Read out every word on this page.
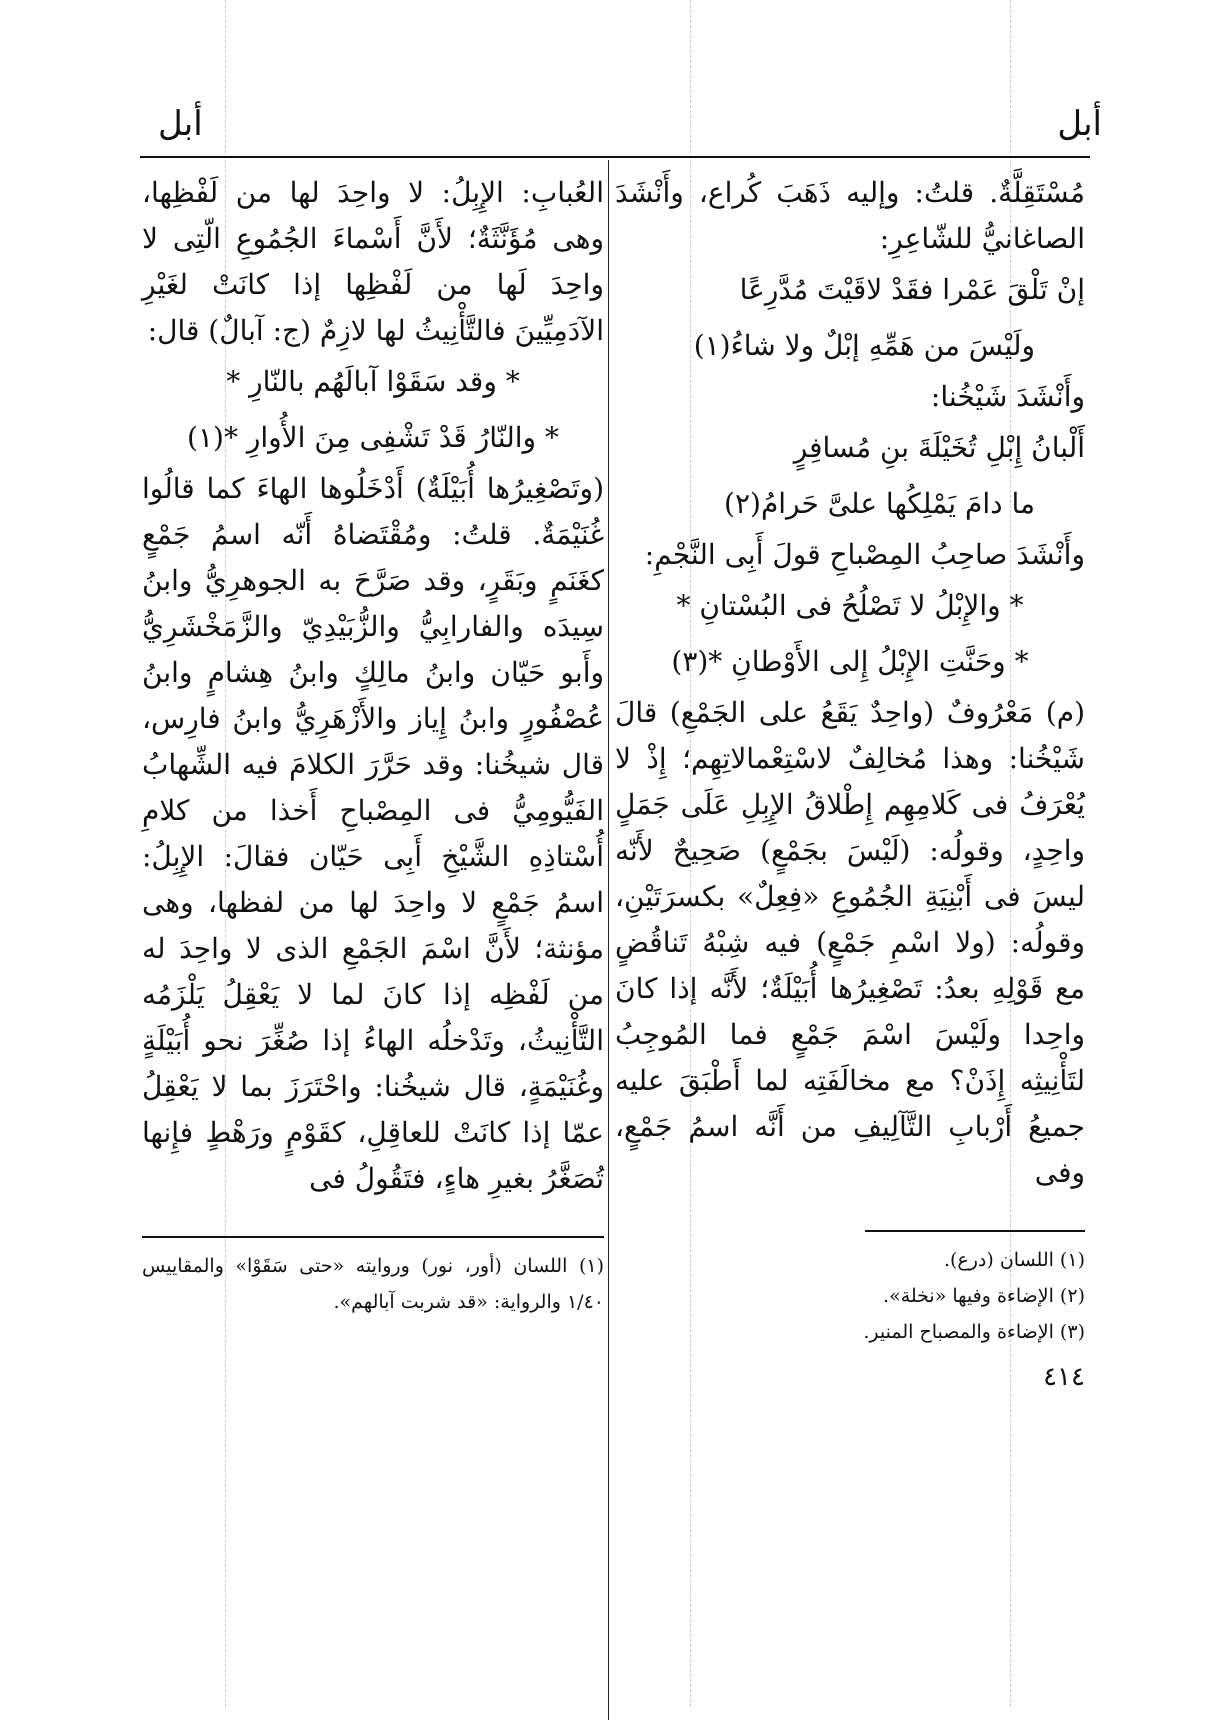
أبل
أبل

مُسْتَقِلَّةٌ. قلتُ: وإليه ذَهَبَ كُراع، وأَنْشَدَ الصاغانيُّ للشّاعِرِ:

إنْ تَلْقَ عَمْرا فقَدْ لاقَيْتَ مُدَّرِعًا

ولَيْسَ من هَمِّهِ إبْلٌ ولا شاءُ(١)

وأَنْشَدَ شَيْخُنا:

أَلْبانُ إِبْلِ تُخَيْلَةَ بنِ مُسافِرٍ

ما دامَ يَمْلِكُها علىَّ حَرامُ(٢)

وأَنْشَدَ صاحِبُ المِصْباحِ قولَ أَبِى النَّجْمِ:

* والإِبْلُ لا تَصْلُحُ فى البُسْتانِ *

* وحَنَّتِ الإِبْلُ إِلى الأَوْطانِ *(٣)

(م) مَعْرُوفٌ (واحِدٌ يَقَعُ على الجَمْعِ) قالَ شَيْخُنا: وهذا مُخالِفٌ لاسْتِعْمالاتِهِم؛ إِذْ لا يُعْرَفُ فى كَلامِهِم إِطْلاقُ الإِبِلِ عَلَى جَمَلٍ واحِدٍ، وقولُه: (لَيْسَ بجَمْعٍ) صَحِيحٌ لأَنّه ليسَ فى أَبْنِيَةِ الجُمُوعِ «فِعِلٌ» بكسرَتَيْنِ، وقولُه: (ولا اسْمِ جَمْعٍ) فيه شِبْهُ تَناقُضٍ مع قَوْلِهِ بعدُ: تَصْغِيرُها أُبَيْلَةٌ؛ لأَنَّه إذا كانَ واحِدا ولَيْسَ اسْمَ جَمْعٍ فما المُوجِبُ لتَأْنِيثِه إِذَنْ؟ مع مخالَفَتِه لما أَطْبَقَ عليه جميعُ أَرْبابِ التَّآلِيفِ من أَنَّه اسمُ جَمْعٍ، وفى

(١) اللسان (درع).

(٢) الإضاءة وفيها «نخلة».

(٣) الإضاءة والمصباح المنير.

٤١٤

العُبابِ: الإِبِلُ: لا واحِدَ لها من لَفْظِها، وهى مُؤَنَّثَةٌ؛ لأَنَّ أَسْماءَ الجُمُوعِ الّتِى لا واحِدَ لَها من لَفْظِها إذا كانَتْ لغَيْرِ الآدَمِيِّينَ فالتَّأْنِيثُ لها لازِمٌ (ج: آبالٌ) قال:

* وقد سَقَوْا آبالَهُم بالنّارِ *

* والنّارُ قَدْ تَشْفِى مِنَ الأُوارِ *(١)

(وتَصْغِيرُها أُبَيْلَةٌ) أَدْخَلُوها الهاءَ كما قالُوا غُنَيْمَةٌ. قلتُ: ومُقْتَضاهُ أَنّه اسمُ جَمْعٍ كغَنَمٍ وبَقَرٍ، وقد صَرَّحَ به الجوهرِيُّ وابنُ سِيدَه والفارابِيُّ والزُّبَيْدِيّ والزَّمَخْشَرِيُّ وأَبو حَيّان وابنُ مالِكٍ وابنُ هِشامٍ وابنُ عُصْفُورٍ وابنُ إِياز والأَزْهَرِيُّ وابنُ فارِس، قال شيخُنا: وقد حَرَّرَ الكلامَ فيه الشِّهابُ الفَيُّومِيُّ فى المِصْباحِ أَخذا من كلامِ أُسْتاذِهِ الشَّيْخِ أَبِى حَيّان فقالَ: الإِبِلُ: اسمُ جَمْعٍ لا واحِدَ لها من لفظها، وهى مؤنثة؛ لأَنَّ اسْمَ الجَمْعِ الذى لا واحِدَ له من لَفْظِه إذا كانَ لما لا يَعْقِلُ يَلْزَمُه التَّأْنِيثُ، وتَدْخلُه الهاءُ إذا صُغِّرَ نحو أُبَيْلَةٍ وغُنَيْمَةٍ، قال شيخُنا: واحْتَرَزَ بما لا يَعْقِلُ عمّا إذا كانَتْ للعاقِلِ، كقَوْمٍ ورَهْطٍ فإِنها تُصَغَّرُ بغيرِ هاءٍ، فتَقُولُ فى

(١) اللسان (أور، نور) وروايته «حتى سَقَوْا» والمقاييس ١/٤٠ والرواية: «قد شربت آبالهم».
